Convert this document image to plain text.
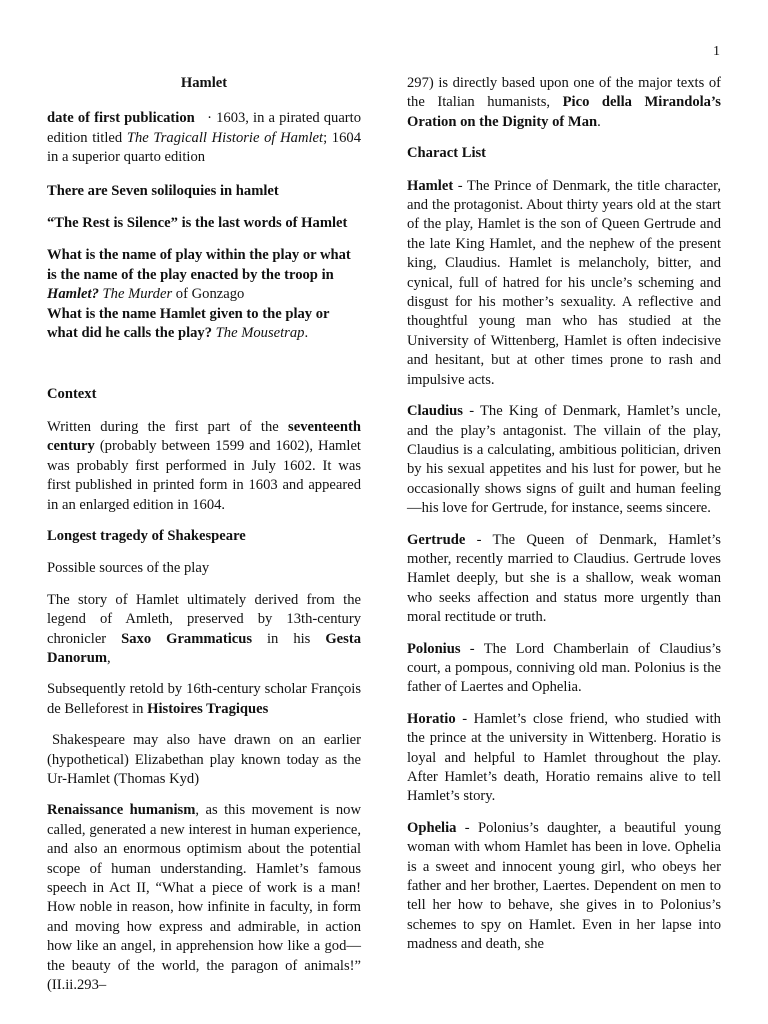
1

Hamlet

date of first publication · 1603, in a pirated quarto edition titled The Tragicall Historie of Hamlet; 1604 in a superior quarto edition

There are Seven soliloquies in hamlet

“The Rest is Silence” is the last words of Hamlet

What is the name of play within the play or what is the name of the play enacted by the troop in Hamlet? The Murder of Gonzago

What is the name Hamlet given to the play or what did he calls the play? The Mousetrap.

Context

Written during the first part of the seventeenth century (probably between 1599 and 1602), Hamlet was probably first performed in July 1602. It was first published in printed form in 1603 and appeared in an enlarged edition in 1604.

Longest tragedy of Shakespeare

Possible sources of the play

The story of Hamlet ultimately derived from the legend of Amleth, preserved by 13th-century chronicler Saxo Grammaticus in his Gesta Danorum,

Subsequently retold by 16th-century scholar François de Belleforest in Histoires Tragiques

Shakespeare may also have drawn on an earlier (hypothetical) Elizabethan play known today as the Ur-Hamlet (Thomas Kyd)

Renaissance humanism, as this movement is now called, generated a new interest in human experience, and also an enormous optimism about the potential scope of human understanding. Hamlet’s famous speech in Act II, “What a piece of work is a man! How noble in reason, how infinite in faculty, in form and moving how express and admirable, in action how like an angel, in apprehension how like a god—the beauty of the world, the paragon of animals!” (II.ii.293–

297) is directly based upon one of the major texts of the Italian humanists, Pico della Mirandola’s Oration on the Dignity of Man.

Charact List

Hamlet - The Prince of Denmark, the title character, and the protagonist. About thirty years old at the start of the play, Hamlet is the son of Queen Gertrude and the late King Hamlet, and the nephew of the present king, Claudius. Hamlet is melancholy, bitter, and cynical, full of hatred for his uncle’s scheming and disgust for his mother’s sexuality. A reflective and thoughtful young man who has studied at the University of Wittenberg, Hamlet is often indecisive and hesitant, but at other times prone to rash and impulsive acts.

Claudius - The King of Denmark, Hamlet’s uncle, and the play’s antagonist. The villain of the play, Claudius is a calculating, ambitious politician, driven by his sexual appetites and his lust for power, but he occasionally shows signs of guilt and human feeling—his love for Gertrude, for instance, seems sincere.

Gertrude - The Queen of Denmark, Hamlet’s mother, recently married to Claudius. Gertrude loves Hamlet deeply, but she is a shallow, weak woman who seeks affection and status more urgently than moral rectitude or truth.

Polonius - The Lord Chamberlain of Claudius’s court, a pompous, conniving old man. Polonius is the father of Laertes and Ophelia.

Horatio - Hamlet’s close friend, who studied with the prince at the university in Wittenberg. Horatio is loyal and helpful to Hamlet throughout the play. After Hamlet’s death, Horatio remains alive to tell Hamlet’s story.

Ophelia - Polonius’s daughter, a beautiful young woman with whom Hamlet has been in love. Ophelia is a sweet and innocent young girl, who obeys her father and her brother, Laertes. Dependent on men to tell her how to behave, she gives in to Polonius’s schemes to spy on Hamlet. Even in her lapse into madness and death, she
